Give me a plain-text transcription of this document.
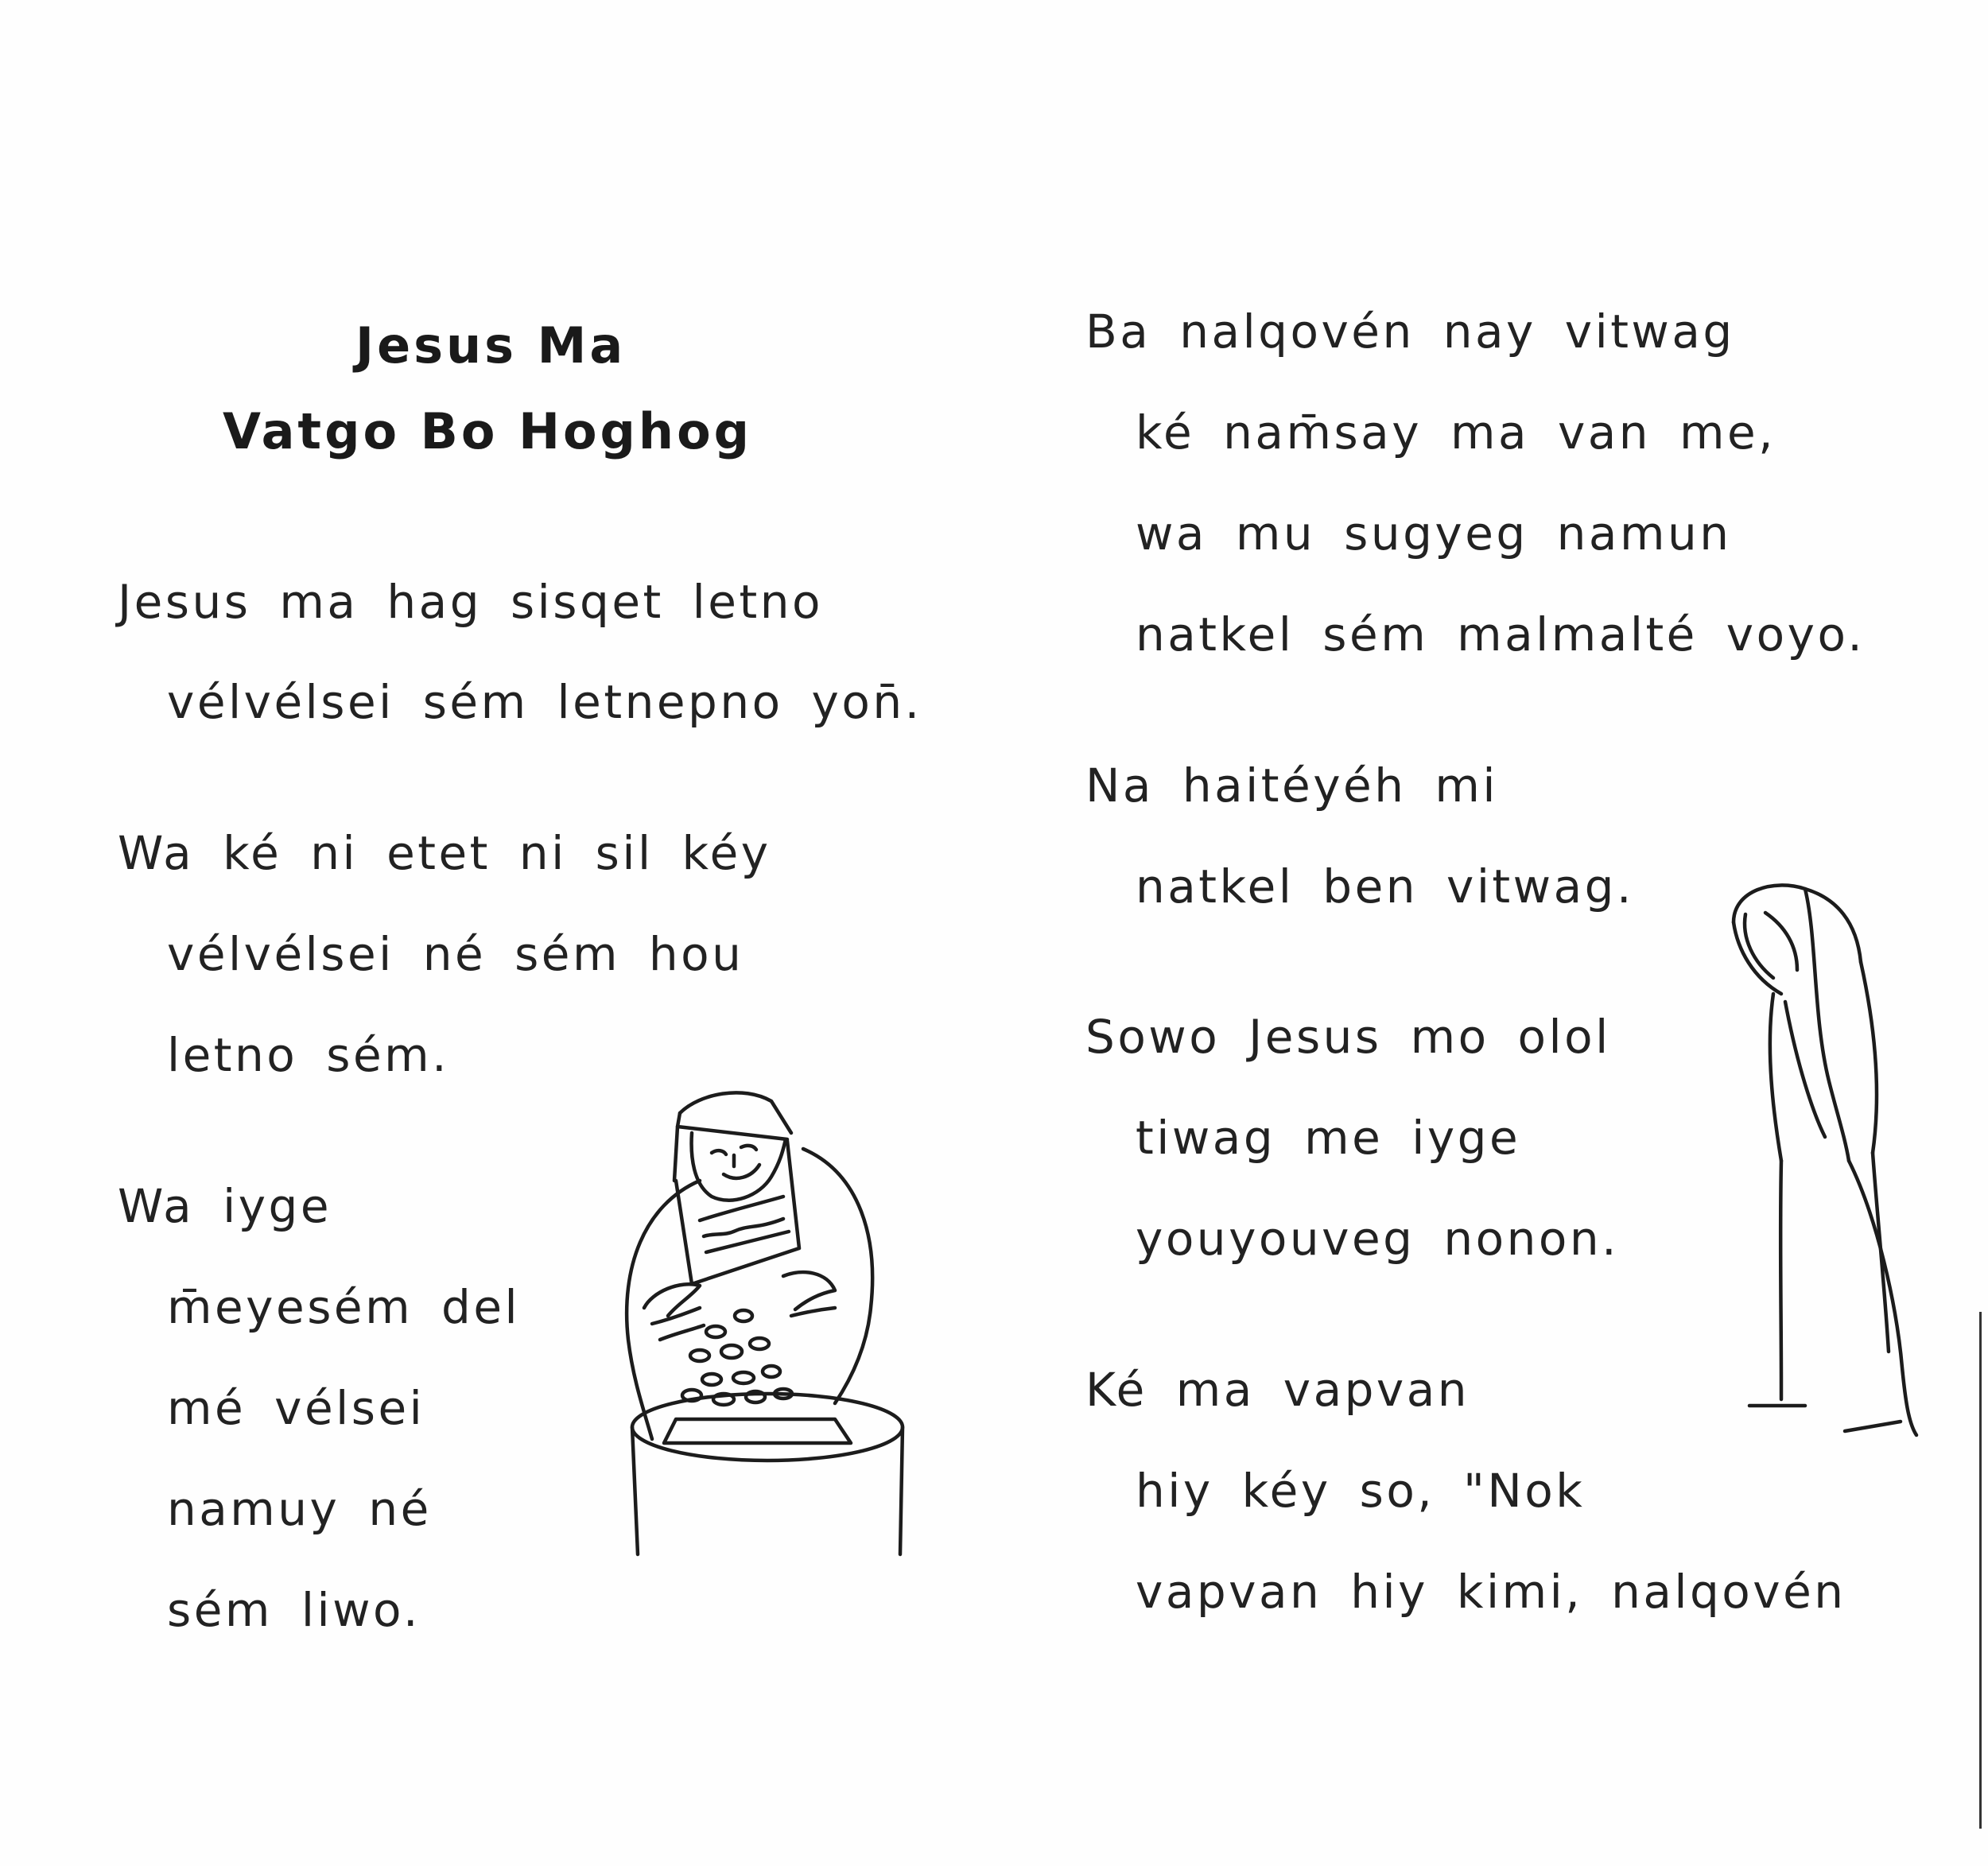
Jesus Ma
Vatgo Bo Hoghog
Jesus ma hag sisqet letno
vélvélsei sém letnepno yon̄.
Wa ké ni etet ni sil kéy
vélvélsei né sém hou
letno sém.
Wa iyge
m̄eyesém del
mé vélsei
namuy né
sém liwo.
Ba nalqovén nay vitwag
ké nam̄say ma van me,
wa mu sugyeg namun
natkel sém malmalté voyo.
Na haitéyéh mi
natkel ben vitwag.
Sowo Jesus mo olol
tiwag me iyge
youyouveg nonon.
Ké ma vapvan
hiy kéy so, "Nok
vapvan hiy kimi, nalqovén
